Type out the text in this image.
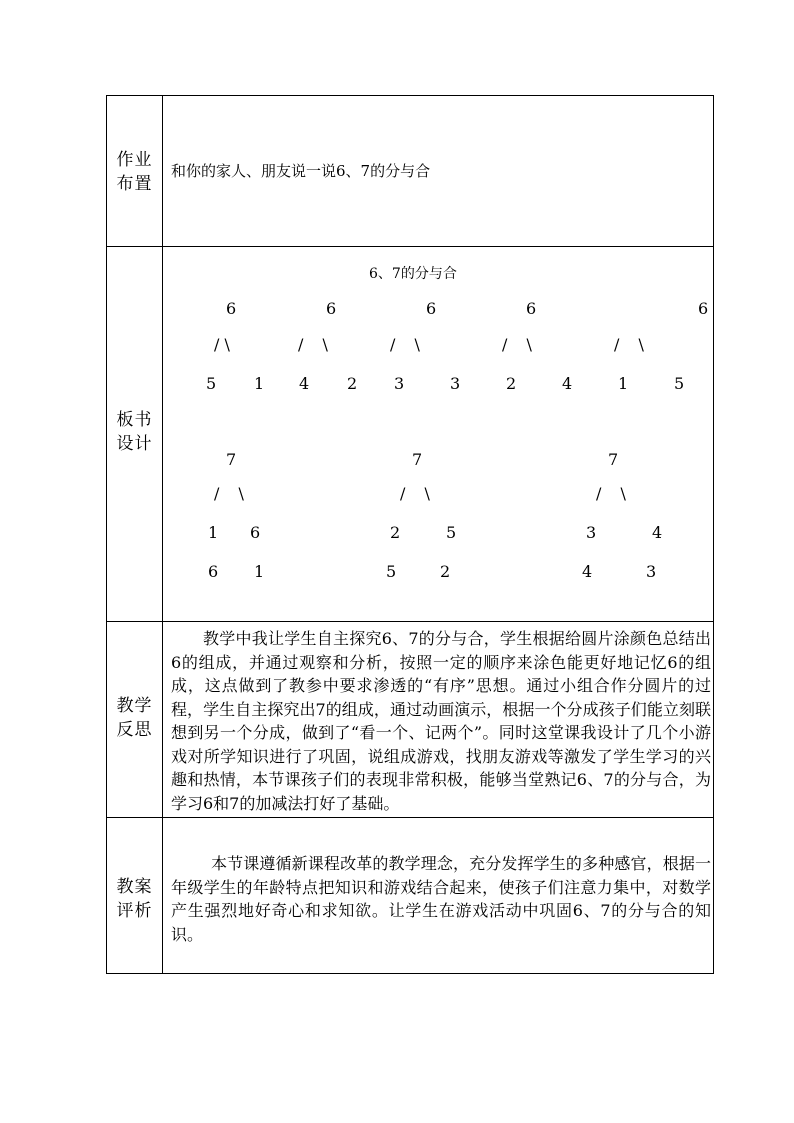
作业
布置
和你的家人、朋友说一说6、7的分与合
板书
设计
6、7的分与合
6	6	6	6	6
/ \	/ \	/ \	/ \	/ \
5 1 4 2 3	3	2	4	1	5
7	7	7
/ \	/ \	/ \
1 6	2	5	3	4
6 1	5	2	4	3
教学
反思

教学中我让学生自主探究6、7的分与合，学生根据给圆片涂颜色总结出6的组成，并通过观察和分析，按照一定的顺序来涂色能更好地记忆6的组成，这点做到了教参中要求渗透的“有序”思想。通过小组合作分圆片的过程，学生自主探究出7的组成，通过动画演示，根据一个分成孩子们能立刻联想到另一个分成，做到了“看一个、记两个”。同时这堂课我设计了几个小游戏对所学知识进行了巩固，说组成游戏，找朋友游戏等激发了学生学习的兴趣和热情，本节课孩子们的表现非常积极，能够当堂熟记6、7的分与合，为学习6和7的加减法打好了基础。

教案
评析

本节课遵循新课程改革的教学理念，充分发挥学生的多种感官，根据一年级学生的年龄特点把知识和游戏结合起来，使孩子们注意力集中，对数学产生强烈地好奇心和求知欲。让学生在游戏活动中巩固6、7的分与合的知识。
